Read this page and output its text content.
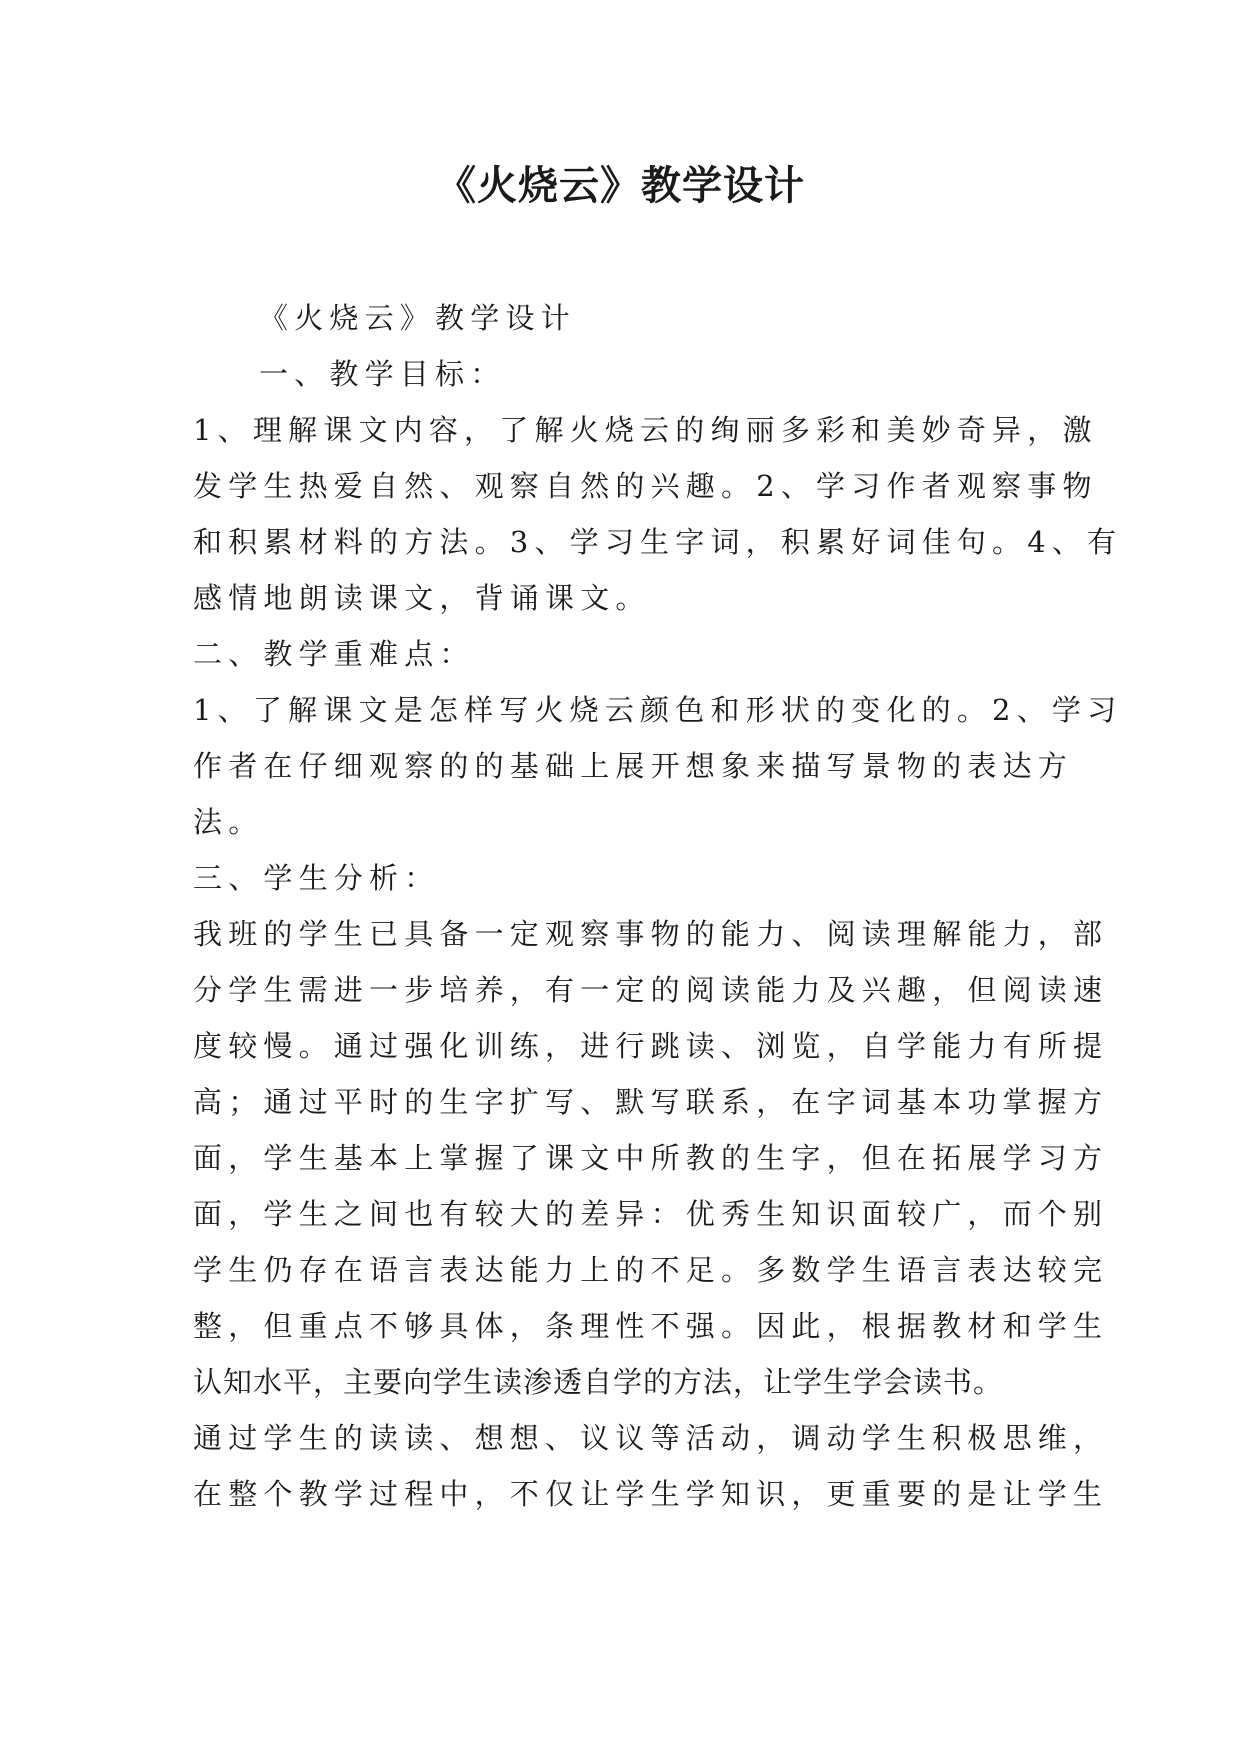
《火烧云》教学设计
《火烧云》教学设计
一、教学目标：
1、理解课文内容，了解火烧云的绚丽多彩和美妙奇异，激
发学生热爱自然、观察自然的兴趣。2、学习作者观察事物
和积累材料的方法。3、学习生字词，积累好词佳句。4、有
感情地朗读课文，背诵课文。
二、教学重难点：
1、了解课文是怎样写火烧云颜色和形状的变化的。2、学习
作者在仔细观察的的基础上展开想象来描写景物的表达方
法。
三、学生分析：
我班的学生已具备一定观察事物的能力、阅读理解能力，部
分学生需进一步培养，有一定的阅读能力及兴趣，但阅读速
度较慢。通过强化训练，进行跳读、浏览，自学能力有所提
高；通过平时的生字扩写、默写联系，在字词基本功掌握方
面，学生基本上掌握了课文中所教的生字，但在拓展学习方
面，学生之间也有较大的差异：优秀生知识面较广，而个别
学生仍存在语言表达能力上的不足。多数学生语言表达较完
整，但重点不够具体，条理性不强。因此，根据教材和学生
认知水平，主要向学生读渗透自学的方法，让学生学会读书。
通过学生的读读、想想、议议等活动，调动学生积极思维，
在整个教学过程中，不仅让学生学知识，更重要的是让学生
